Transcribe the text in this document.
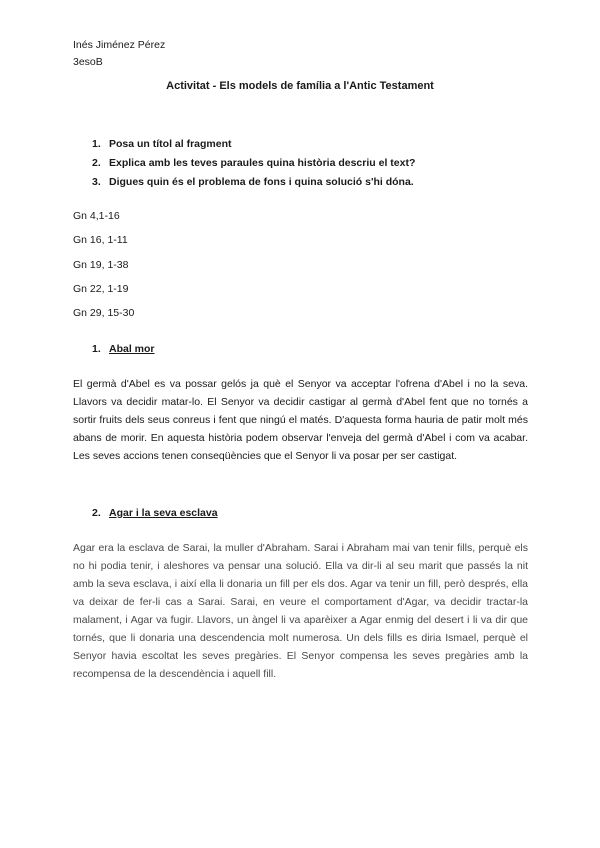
Inés Jiménez Pérez
3esoB
Activitat - Els models de família a l'Antic Testament
1. Posa un títol al fragment
2. Explica amb les teves paraules quina història descriu el text?
3. Digues quin és el problema de fons i quina solució s'hi dóna.
Gn 4,1-16
Gn 16, 1-11
Gn 19, 1-38
Gn 22, 1-19
Gn 29, 15-30
1. Abal mor
El germà d'Abel es va possar gelós ja què el Senyor va acceptar l'ofrena d'Abel i no la seva. Llavors va decidir matar-lo. El Senyor va decidir castigar al germà d'Abel fent que no tornés a sortir fruits dels seus conreus i fent que ningú el matés. D'aquesta forma hauria de patir molt més abans de morir. En aquesta història podem observar l'enveja del germà d'Abel i com va acabar. Les seves accions tenen conseqüències que el Senyor li va posar per ser castigat.
2. Agar i la seva esclava
Agar era la esclava de Sarai, la muller d'Abraham. Sarai i Abraham mai van tenir fills, perquè els no hi podia tenir, i aleshores va pensar una solució. Ella va dir-li al seu marit que passés la nit amb la seva esclava, i així ella li donaria un fill per els dos. Agar va tenir un fill, però després, ella va deixar de fer-li cas a Sarai. Sarai, en veure el comportament d'Agar, va decidir tractar-la malament, i Agar va fugir. Llavors, un àngel li va aparèixer a Agar enmig del desert i li va dir que tornés, que li donaria una descendencia molt numerosa. Un dels fills es diria Ismael, perquè el Senyor havia escoltat les seves pregàries. El Senyor compensa les seves pregàries amb la recompensa de la descendència i aquell fill.
